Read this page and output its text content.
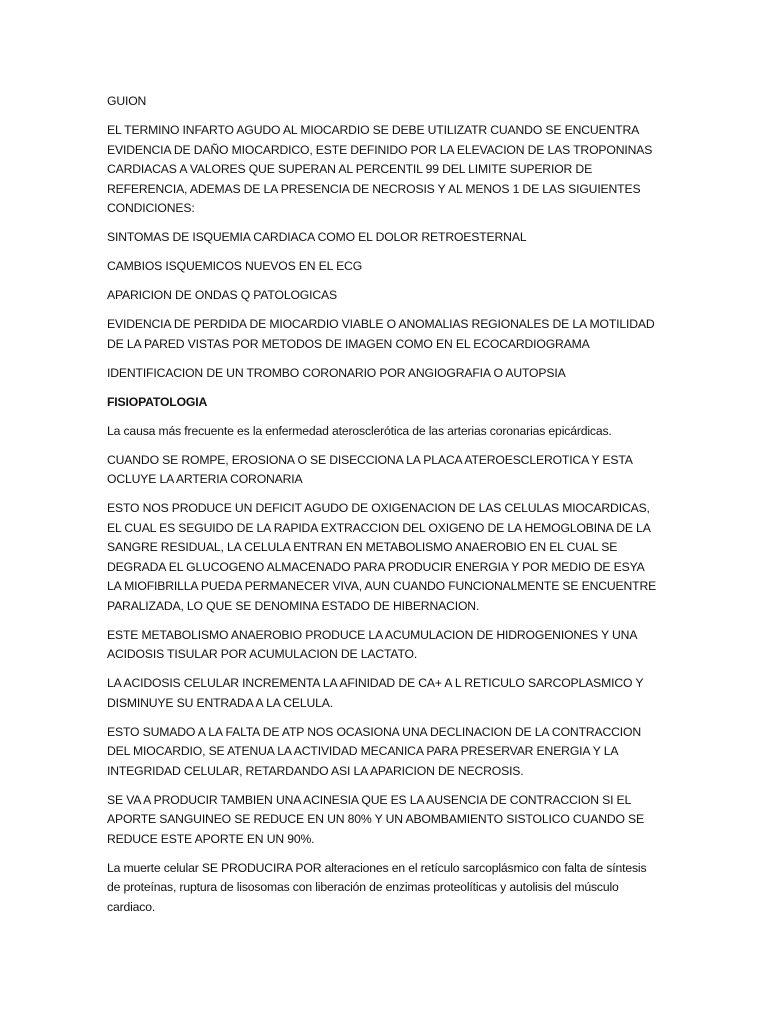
GUION

EL TERMINO INFARTO AGUDO AL MIOCARDIO SE DEBE UTILIZATR CUANDO SE ENCUENTRA EVIDENCIA DE DAÑO MIOCARDICO, ESTE DEFINIDO POR LA ELEVACION DE LAS TROPONINAS CARDIACAS A VALORES QUE SUPERAN AL PERCENTIL 99 DEL LIMITE SUPERIOR DE REFERENCIA, ADEMAS DE LA PRESENCIA DE NECROSIS Y AL MENOS 1 DE LAS SIGUIENTES CONDICIONES:

SINTOMAS DE ISQUEMIA CARDIACA COMO EL DOLOR RETROESTERNAL

CAMBIOS ISQUEMICOS NUEVOS EN EL ECG

APARICION DE ONDAS Q PATOLOGICAS

EVIDENCIA DE PERDIDA DE MIOCARDIO VIABLE O ANOMALIAS REGIONALES DE LA MOTILIDAD DE LA PARED VISTAS POR METODOS DE IMAGEN COMO EN EL ECOCARDIOGRAMA

IDENTIFICACION DE UN TROMBO CORONARIO POR ANGIOGRAFIA O AUTOPSIA

FISIOPATOLOGIA

La causa más frecuente es la enfermedad aterosclerótica de las arterias coronarias epicárdicas.

CUANDO SE ROMPE, EROSIONA O SE DISECCIONA LA PLACA ATEROESCLEROTICA Y ESTA OCLUYE LA ARTERIA CORONARIA

ESTO NOS PRODUCE UN DEFICIT AGUDO DE OXIGENACION DE LAS CELULAS MIOCARDICAS, EL CUAL ES SEGUIDO DE LA RAPIDA EXTRACCION DEL OXIGENO DE LA HEMOGLOBINA DE LA SANGRE RESIDUAL, LA CELULA ENTRAN EN METABOLISMO ANAEROBIO EN EL CUAL SE DEGRADA EL GLUCOGENO ALMACENADO PARA PRODUCIR ENERGIA Y POR MEDIO DE ESYA LA MIOFIBRILLA PUEDA PERMANECER VIVA, AUN CUANDO FUNCIONALMENTE SE ENCUENTRE PARALIZADA, LO QUE SE DENOMINA ESTADO DE HIBERNACION.

ESTE METABOLISMO ANAEROBIO PRODUCE LA ACUMULACION DE HIDROGENIONES Y UNA ACIDOSIS TISULAR POR ACUMULACION DE LACTATO.

LA ACIDOSIS CELULAR INCREMENTA LA AFINIDAD DE CA+ A L RETICULO SARCOPLASMICO Y DISMINUYE SU ENTRADA A LA CELULA.

ESTO SUMADO A LA FALTA DE ATP NOS OCASIONA UNA DECLINACION DE LA CONTRACCION DEL MIOCARDIO, SE ATENUA LA ACTIVIDAD MECANICA PARA PRESERVAR ENERGIA Y LA INTEGRIDAD CELULAR, RETARDANDO ASI LA APARICION DE NECROSIS.

SE VA A PRODUCIR TAMBIEN UNA ACINESIA QUE ES LA AUSENCIA DE CONTRACCION SI EL APORTE SANGUINEO SE REDUCE EN UN 80% Y UN ABOMBAMIENTO SISTOLICO CUANDO SE REDUCE ESTE APORTE EN UN 90%.

La muerte celular SE PRODUCIRA POR alteraciones en el retículo sarcoplásmico con falta de síntesis de proteínas, ruptura de lisosomas con liberación de enzimas proteolíticas y autolisis del músculo cardiaco.
